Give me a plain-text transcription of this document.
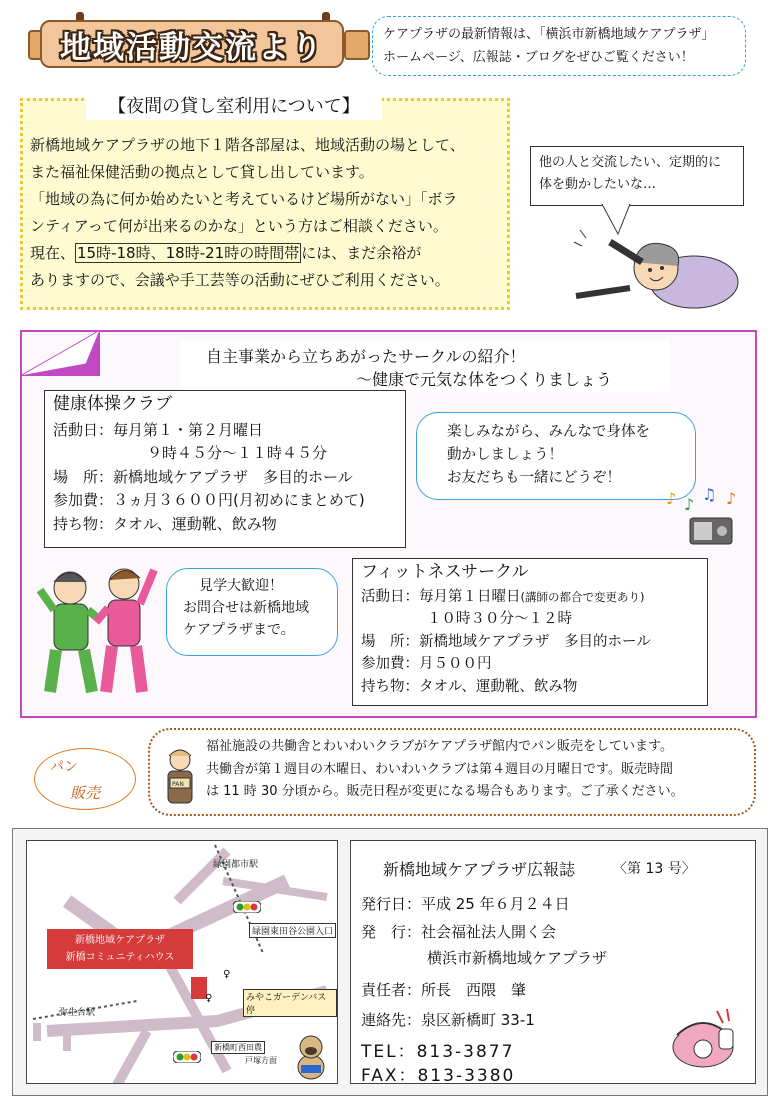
地域活動交流より	ケアプラザの最新情報は、「横浜市新橋地域ケアプラザ」
ホームページ、広報誌・ブログをぜひご覧ください！
【夜間の貸し室利用について】
新橋地域ケアプラザの地下１階各部屋は、地域活動の場として、
また福祉保健活動の拠点として貸し出しています。
「地域の為に何か始めたいと考えているけど場所がない」「ボラ
ンティアって何が出来るのかな」という方はご相談ください。
現在、 15時-18時、18時-21時の時間帯 には、まだ余裕が
ありますので、会議や手工芸等の活動にぜひご利用ください。
他の人と交流したい、定期的に
体を動かしたいな…
自主事業から立ちあがったサークルの紹介！
〜健康で元気な体をつくりましょう
健康体操クラブ
活動日：毎月第１・第２月曜日
９時４５分〜１１時４５分
場　所：新橋地域ケアプラザ　多目的ホール
参加費：３ヵ月３６００円(月初めにまとめて)
持ち物：タオル、運動靴、飲み物
楽しみながら、みんなで身体を
動かしましょう！
お友だちも一緒にどうぞ！
♪ ♪
♫ ♪
見学大歓迎！
お問合せは新橋地域
ケアプラザまで。
フィットネスサークル
活動日：毎月第１日曜日(講師の都合で変更あり)
１０時３０分〜１２時
場　所：新橋地域ケアプラザ　多目的ホール
参加費：月５００円
持ち物：タオル、運動靴、飲み物
パン
販売
福祉施設の共働舎とわいわいクラブがケアプラザ館内でパン販売をしています。
共働舎が第１週目の木曜日、わいわいクラブは第４週目の月曜日です。販売時間
は 11 時 30 分頃から。販売日程が変更になる場合もあります。ご了承ください。
PAN
緑園都市駅
緑園東田谷公園入口
新橋地域ケアプラザ
新橋コミュニティハウス
♀
♀	みやこガーデンバス停
弥生台駅
新橋町西田農
戸塚方面
新橋地域ケアプラザ広報誌	〈第 13 号〉
発行日：平成 25 年６月２４日
発　行：社会福祉法人開く会
横浜市新橋地域ケアプラザ
責任者：所長　西隈　肇
連絡先：泉区新橋町 33-1
TEL：813-3877
FAX：813-3380
